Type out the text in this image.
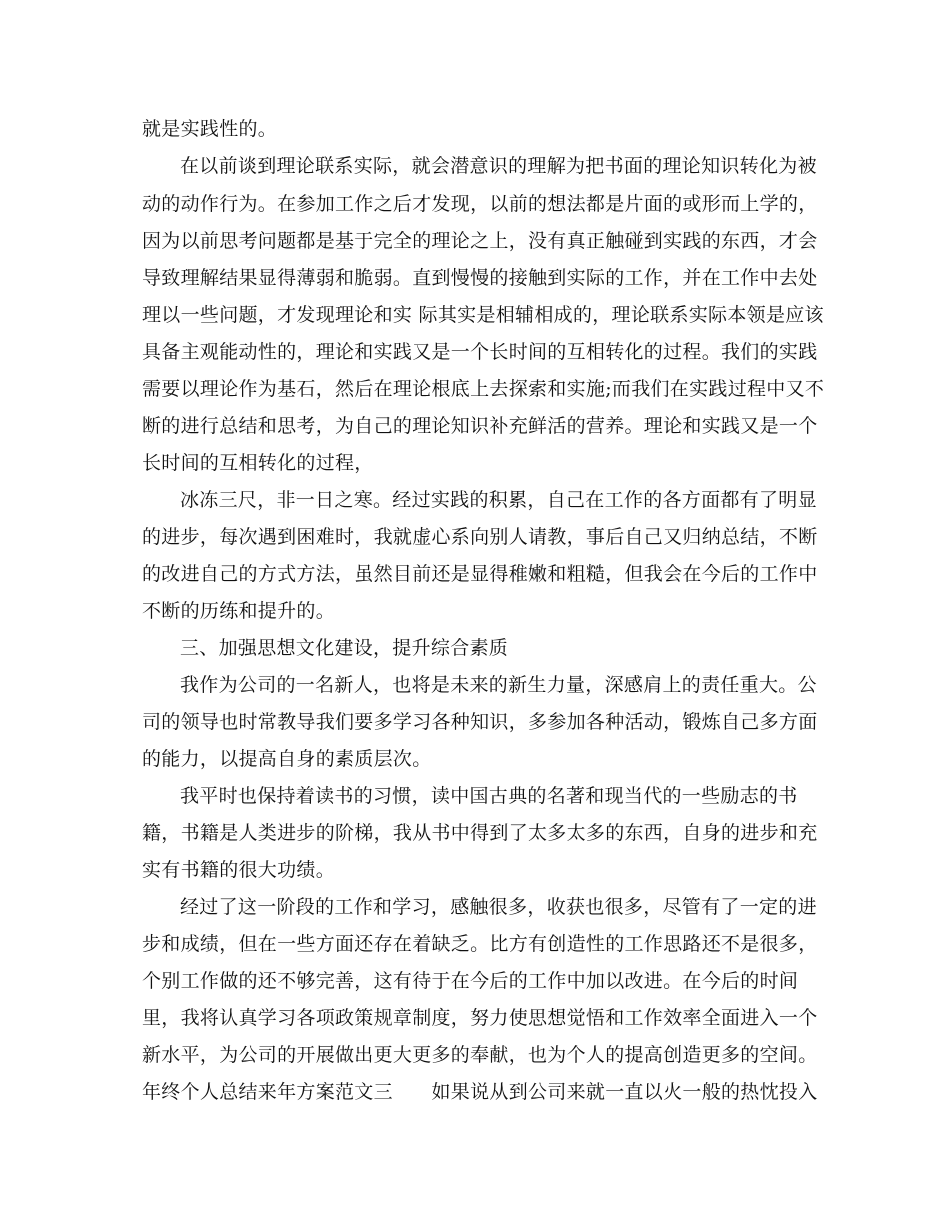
就是实践性的。
在以前谈到理论联系实际，就会潜意识的理解为把书面的理论知识转化为被
动的动作行为。在参加工作之后才发现，以前的想法都是片面的或形而上学的，
因为以前思考问题都是基于完全的理论之上，没有真正触碰到实践的东西，才会
导致理解结果显得薄弱和脆弱。直到慢慢的接触到实际的工作，并在工作中去处
理以一些问题，才发现理论和实 际其实是相辅相成的，理论联系实际本领是应该
具备主观能动性的，理论和实践又是一个长时间的互相转化的过程。我们的实践
需要以理论作为基石，然后在理论根底上去探索和实施;而我们在实践过程中又不
断的进行总结和思考，为自己的理论知识补充鲜活的营养。理论和实践又是一个
长时间的互相转化的过程，
冰冻三尺，非一日之寒。经过实践的积累，自己在工作的各方面都有了明显
的进步，每次遇到困难时，我就虚心系向别人请教，事后自己又归纳总结，不断
的改进自己的方式方法，虽然目前还是显得稚嫩和粗糙，但我会在今后的工作中
不断的历练和提升的。
三、加强思想文化建设，提升综合素质
我作为公司的一名新人，也将是未来的新生力量，深感肩上的责任重大。公
司的领导也时常教导我们要多学习各种知识，多参加各种活动，锻炼自己多方面
的能力，以提高自身的素质层次。
我平时也保持着读书的习惯，读中国古典的名著和现当代的一些励志的书
籍，书籍是人类进步的阶梯，我从书中得到了太多太多的东西，自身的进步和充
实有书籍的很大功绩。
经过了这一阶段的工作和学习，感触很多，收获也很多，尽管有了一定的进
步和成绩，但在一些方面还存在着缺乏。比方有创造性的工作思路还不是很多，
个别工作做的还不够完善，这有待于在今后的工作中加以改进。在今后的时间
里，我将认真学习各项政策规章制度，努力使思想觉悟和工作效率全面进入一个
新水平，为公司的开展做出更大更多的奉献，也为个人的提高创造更多的空间。
年终个人总结来年方案范文三　　如果说从到公司来就一直以火一般的热忱投入
